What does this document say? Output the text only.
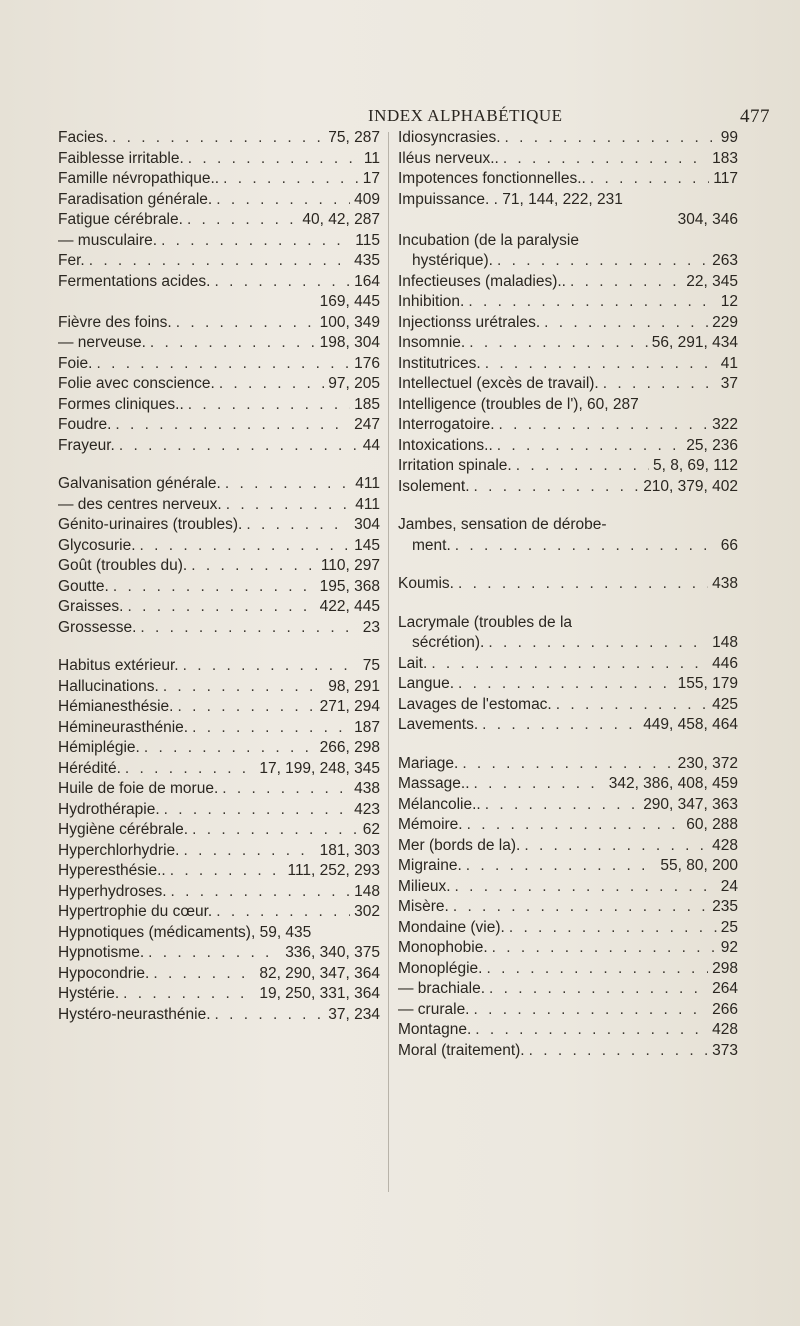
INDEX ALPHABÉTIQUE	477
Facies. . . .	75, 287
Faiblesse irritable. . . .	11
Famille névropathique.. . . .	17
Faradisation générale. . . .	409
Fatigue cérébrale. . . .	40, 42, 287
— musculaire. . . .	115
Fer. . . .	435
Fermentations acides. . . .	164
169, 445
Fièvre des foins. . . .	100, 349
— nerveuse. . . .	198, 304
Foie. . . .	176
Folie avec conscience. . . .	97, 205
Formes cliniques.. . . .	185
Foudre. . . .	247
Frayeur. . . .	44
Galvanisation générale. . . .	411
— des centres nerveux. . . .	411
Génito-urinaires (troubles). . . .	304
Glycosurie. . . .	145
Goût (troubles du). . . .	110, 297
Goutte. . . .	195, 368
Graisses. . . .	422, 445
Grossesse. . . .	23
Habitus extérieur. . . .	75
Hallucinations. . . .	98, 291
Hémianesthésie. . . .	271, 294
Hémineurasthénie. . . .	187
Hémiplégie. . . .	266, 298
Hérédité. . . .	17, 199, 248, 345
Huile de foie de morue. . . .	438
Hydrothérapie. . . .	423
Hygiène cérébrale. . . .	62
Hyperchlorhydrie. . . .	181, 303
Hyperesthésie.. . . .	111, 252, 293
Hyperhydroses. . . .	148
Hypertrophie du cœur. . . .	302
Hypnotiques (médicaments), 59, 435
Hypnotisme. . . .	336, 340, 375
Hypocondrie. . . .	82, 290, 347, 364
Hystérie. . . .	19, 250, 331, 364
Hystéro-neurasthénie. . . .	37, 234
Idiosyncrasies. . . .	99
Iléus nerveux.. . . .	183
Impotences fonctionnelles.. . . .	117
Impuissance. . 71, 144, 222, 231
304, 346
Incubation (de la paralysie
hystérique). . . .	263
Infectieuses (maladies).. . . .	22, 345
Inhibition. . . .	12
Injectionss urétrales. . . .	229
Insomnie. . . .	56, 291, 434
Institutrices. . . .	41
Intellectuel (excès de travail). . . .	37
Intelligence (troubles de l'), 60, 287
Interrogatoire. . . .	322
Intoxications.. . . .	25, 236
Irritation spinale. . . .	5, 8, 69, 112
Isolement. . . .	210, 379, 402
Jambes, sensation de dérobe-
ment. . . .	66
Koumis. . . .	438
Lacrymale (troubles de la
sécrétion). . . .	148
Lait. . . .	446
Langue. . . .	155, 179
Lavages de l'estomac. . . .	425
Lavements. . . .	449, 458, 464
Mariage. . . .	230, 372
Massage.. . . .	342, 386, 408, 459
Mélancolie.. . . .	290, 347, 363
Mémoire. . . .	60, 288
Mer (bords de la). . . .	428
Migraine. . . .	55, 80, 200
Milieux. . . .	24
Misère. . . .	235
Mondaine (vie). . . .	25
Monophobie. . . .	92
Monoplégie. . . .	298
— brachiale. . . .	264
— crurale. . . .	266
Montagne. . . .	428
Moral (traitement). . . .	373
